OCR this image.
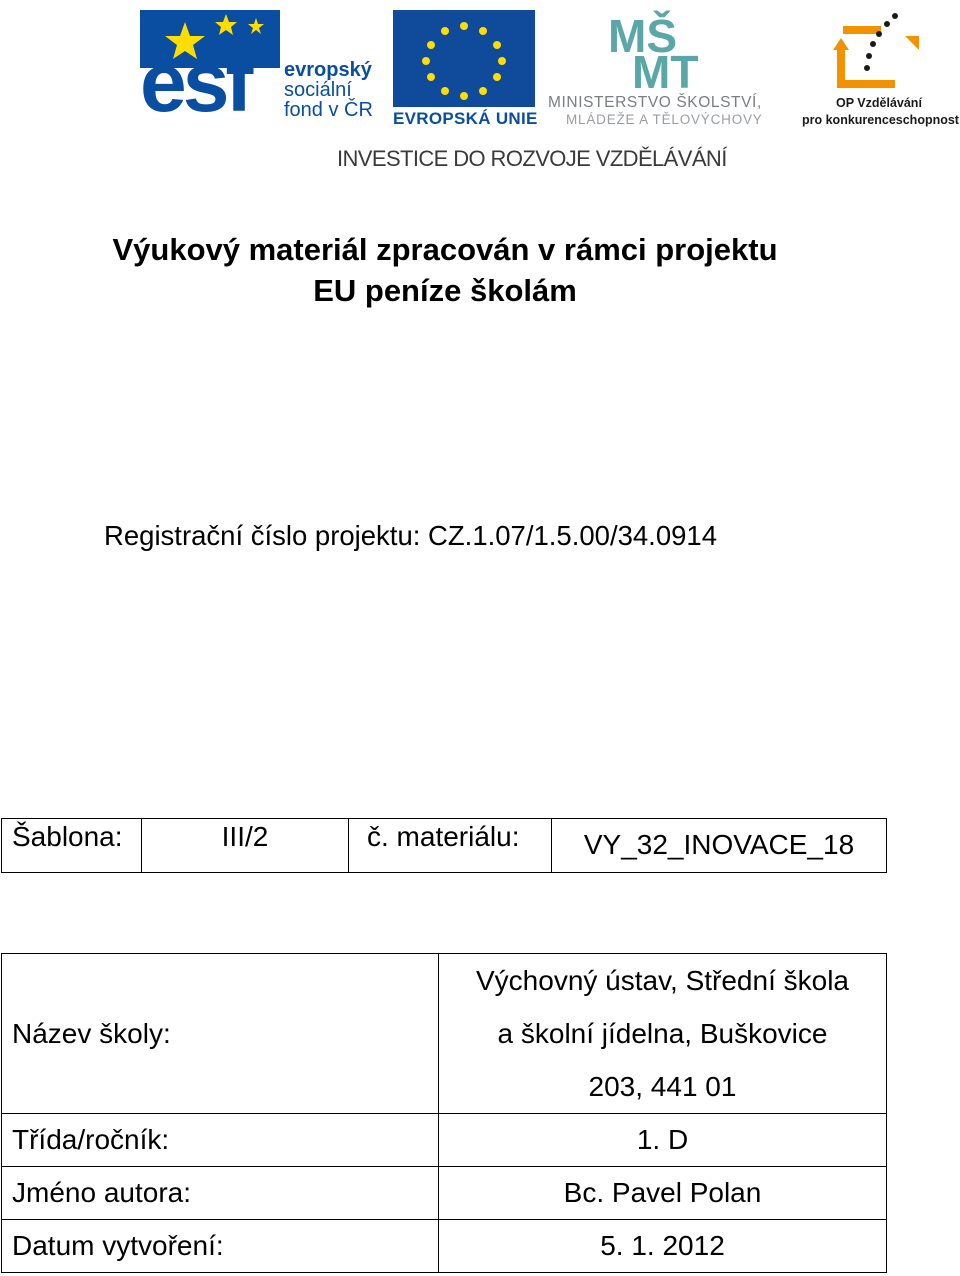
esf evropský
sociální
fond v ČR EVROPSKÁ UNIE
MŠ
MT
MINISTERSTVO ŠKOLSTVÍ,
MLÁDEŽE A TĚLOVÝCHOVY
OP Vzdělávání
pro konkurenceschopnost
INVESTICE DO ROZVOJE VZDĚLÁVÁNÍ
Výukový materiál zpracován v rámci projektu
EU peníze školám
Registrační číslo projektu: CZ.1.07/1.5.00/34.0914
Šablona:	III/2	č. materiálu:	VY_32_INOVACE_18
Název školy:	Výchovný ústav, Střední škola
a školní jídelna, Buškovice
203, 441 01

Třída/ročník:	1. D

Jméno autora:	Bc. Pavel Polan

Datum vytvoření:	5. 1. 2012
